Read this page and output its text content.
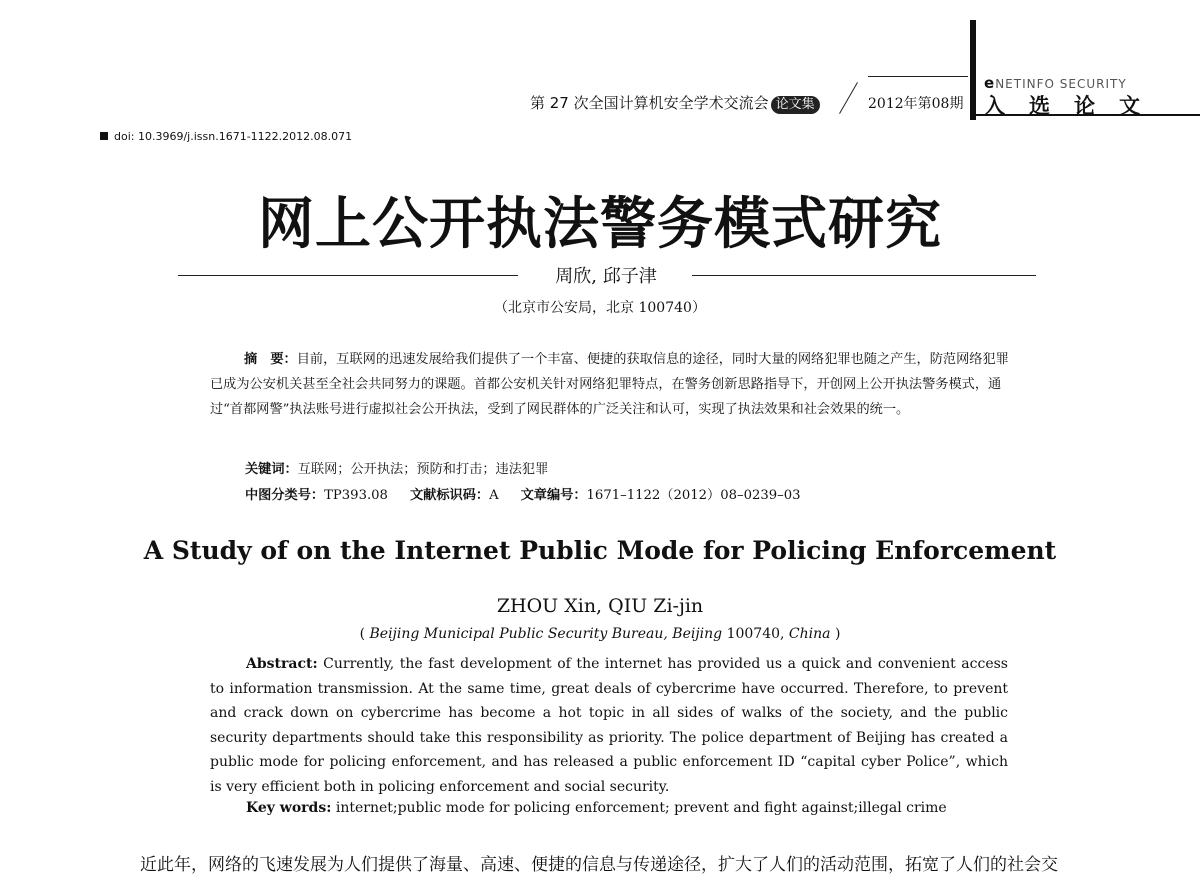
第 27 次全国计算机安全学术交流会 论文集	2012年第08期
eNETINFO SECURITY
入选论文
doi: 10.3969/j.issn.1671-1122.2012.08.071
网上公开执法警务模式研究
周欣, 邱子津
（北京市公安局，北京 100740）
摘　要：目前，互联网的迅速发展给我们提供了一个丰富、便捷的获取信息的途径，同时大量的网络犯罪也随之产生，防范网络犯罪已成为公安机关甚至全社会共同努力的课题。首都公安机关针对网络犯罪特点，在警务创新思路指导下，开创网上公开执法警务模式，通过“首都网警”执法账号进行虚拟社会公开执法，受到了网民群体的广泛关注和认可，实现了执法效果和社会效果的统一。
关键词：互联网；公开执法；预防和打击；违法犯罪
中图分类号：TP393.08 文献标识码：A 文章编号：1671–1122（2012）08–0239–03
A Study of on the Internet Public Mode for Policing Enforcement
ZHOU Xin, QIU Zi-jin
( Beijing Municipal Public Security Bureau, Beijing 100740, China )
Abstract: Currently, the fast development of the internet has provided us a quick and convenient access to information transmission. At the same time, great deals of cybercrime have occurred. Therefore, to prevent and crack down on cybercrime has become a hot topic in all sides of walks of the society, and the public security departments should take this responsibility as priority. The police department of Beijing has created a public mode for policing enforcement, and has released a public enforcement ID “capital cyber Police”, which is very efficient both in policing enforcement and social security.
Key words: internet;public mode for policing enforcement; prevent and fight against;illegal crime
近此年，网络的飞速发展为人们提供了海量、高速、便捷的信息与传递途径，扩大了人们的活动范围，拓宽了人们的社会交
